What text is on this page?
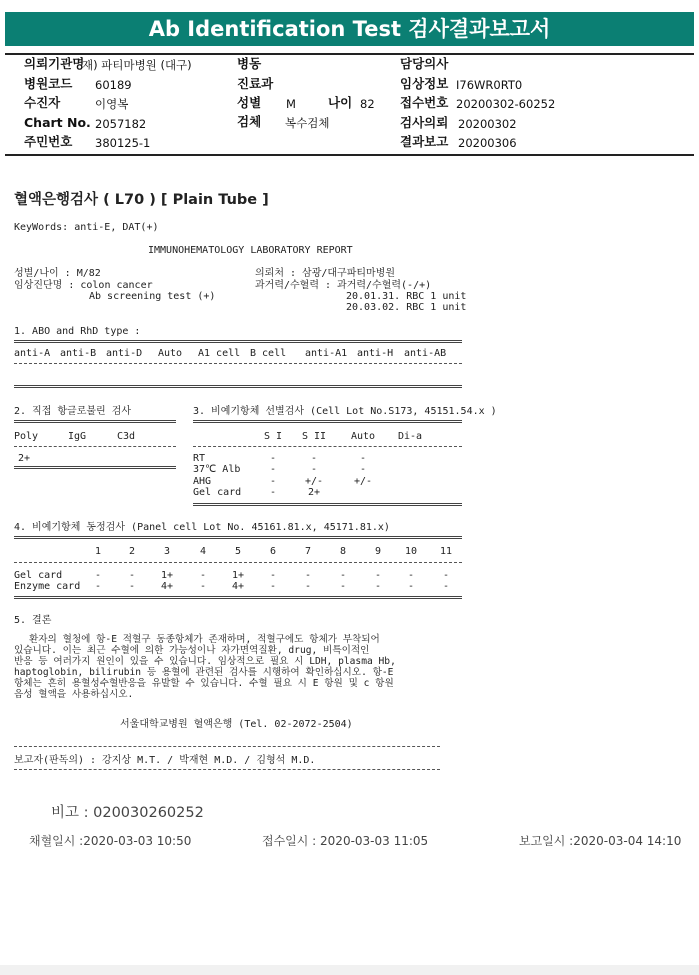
Ab Identification Test 검사결과보고서
의뢰기관명
재) 파티마병원 (대구)
병원코드 60189
수진자	이영복
Chart No. 2057182
주민번호 380125-1
병동
진료과
성별 M	나이 82
검체 복수검체
담당의사
임상정보 I76WR0RT0
접수번호 20200302-60252
검사의뢰 20200302
결과보고 20200306
혈액은행검사 ( L70 ) [ Plain Tube ]
KeyWords: anti-E, DAT(+)
IMMUNOHEMATOLOGY LABORATORY REPORT
성별/나이 : M/82
임상진단명 : colon cancer
Ab screening test (+)
의뢰처 : 삼광/대구파티마병원
과거력/수혈력 : 과거력/수혈력(-/+)
20.01.31. RBC 1 unit
20.03.02. RBC 1 unit
1. ABO and RhD type :
anti-A anti-B anti-D Auto A1 cell B cell anti-A1 anti-H anti-AB
2. 직접 항글로불린 검사
Poly	IgG	C3d
2+
3. 비예기항체 선별검사 (Cell Lot No.S173, 45151.54.x )
S I	S II	Auto	Di-a
RT	-	-	-
37℃ Alb	-	-	-
AHG	-	+/-	+/-
Gel card	-	2+
4. 비예기항체 동정검사 (Panel cell Lot No. 45161.81.x, 45171.81.x)
1	2	3	4	5	6	7	8	9	10	11
Gel card	-	-	1+	-	1+	-	-	-	-	-	-
Enzyme card	-	-	4+	-	4+	-	-	-	-	-	-
5. 결론
환자의 혈청에 항-E 적혈구 동종항체가 존재하며, 적혈구에도 항체가 부착되어
있습니다. 이는 최근 수혈에 의한 가능성이나 자가면역질환, drug, 비특이적인
반응 등 여러가지 원인이 있을 수 있습니다. 임상적으로 필요 시 LDH, plasma Hb,
haptoglobin, bilirubin 등 용혈에 관련된 검사를 시행하여 확인하십시오. 항-E
항체는 흔히 용혈성수혈반응을 유발할 수 있습니다. 수혈 필요 시 E 항원 및 c 항원
음성 혈액을 사용하십시오.
서울대학교병원 혈액은행 (Tel. 02-2072-2504)
보고자(판독의) : 강지상 M.T. / 박재현 M.D. / 김형석 M.D.
비고 : 020030260252
채혈일시 :2020-03-03 10:50	접수일시 : 2020-03-03 11:05	보고일시 :2020-03-04 14:10
